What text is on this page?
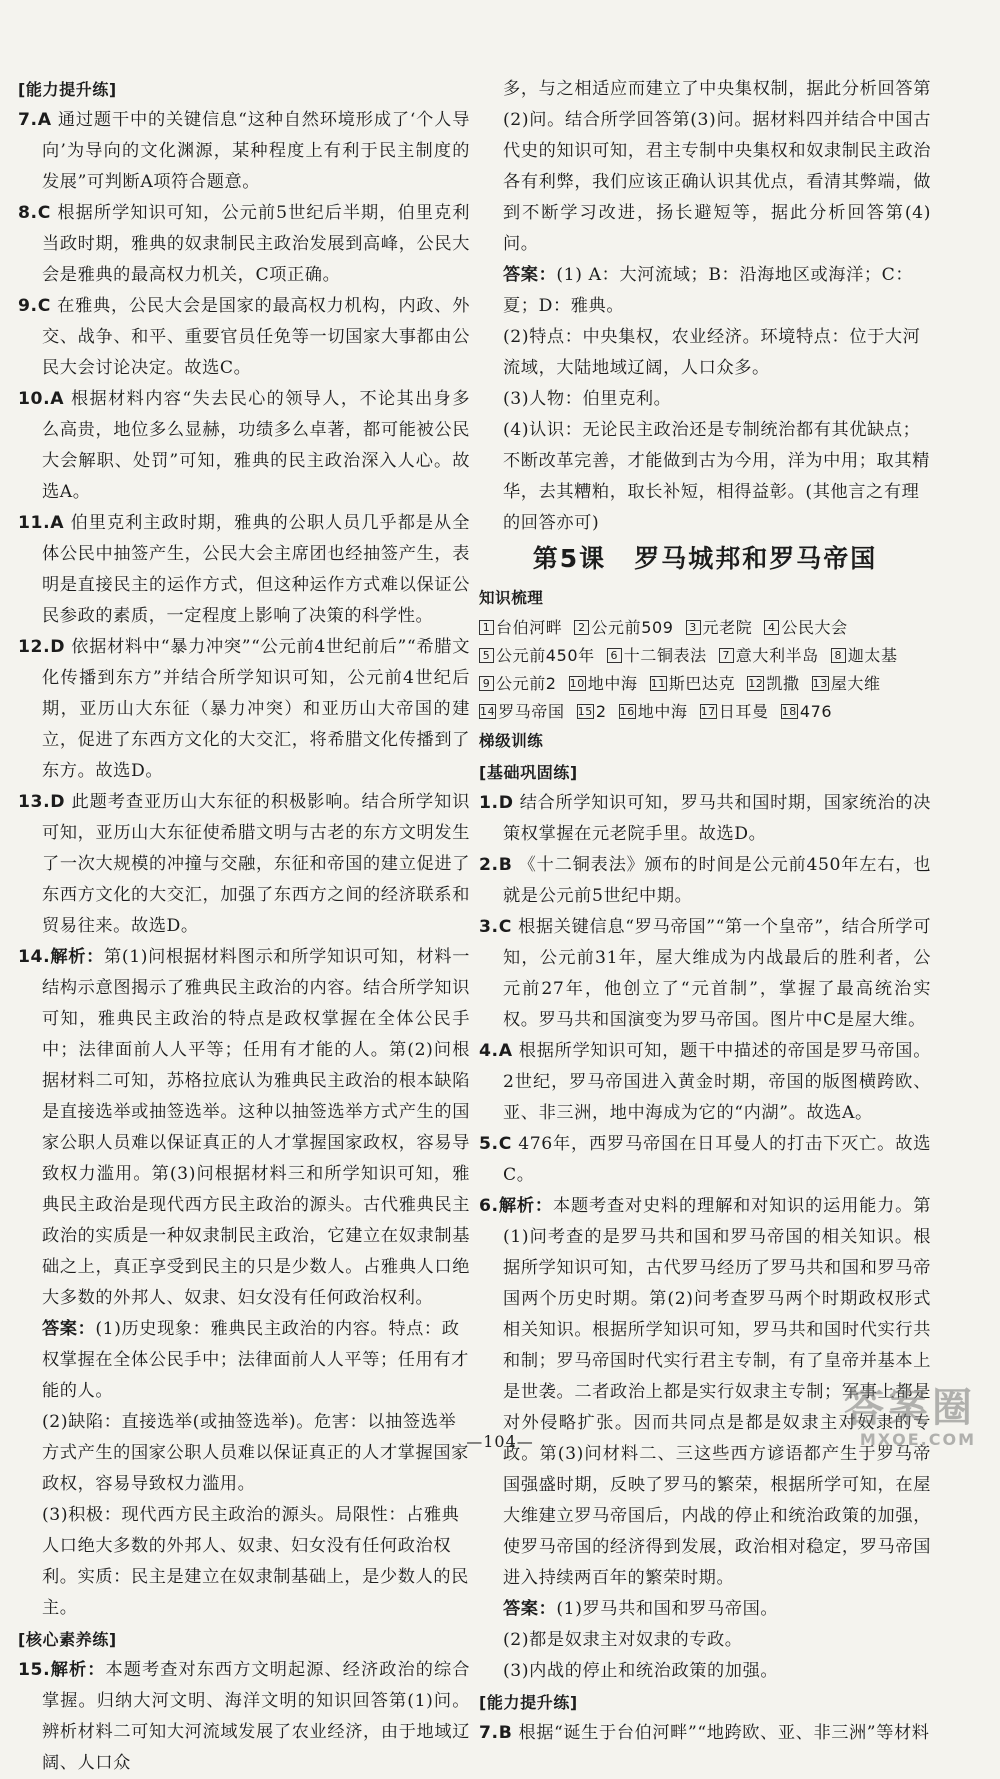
[能力提升练]
7.A 通过题干中的关键信息“这种自然环境形成了‘个人导向’为导向的文化渊源，某种程度上有利于民主制度的发展”可判断A项符合题意。
8.C 根据所学知识可知，公元前5世纪后半期，伯里克利当政时期，雅典的奴隶制民主政治发展到高峰，公民大会是雅典的最高权力机关，C项正确。
9.C 在雅典，公民大会是国家的最高权力机构，内政、外交、战争、和平、重要官员任免等一切国家大事都由公民大会讨论决定。故选C。
10.A 根据材料内容“失去民心的领导人，不论其出身多么高贵，地位多么显赫，功绩多么卓著，都可能被公民大会解职、处罚”可知，雅典的民主政治深入人心。故选A。
11.A 伯里克利主政时期，雅典的公职人员几乎都是从全体公民中抽签产生，公民大会主席团也经抽签产生，表明是直接民主的运作方式，但这种运作方式难以保证公民参政的素质，一定程度上影响了决策的科学性。
12.D 依据材料中“暴力冲突”“公元前4世纪前后”“希腊文化传播到东方”并结合所学知识可知，公元前4世纪后期，亚历山大东征（暴力冲突）和亚历山大帝国的建立，促进了东西方文化的大交汇，将希腊文化传播到了东方。故选D。
13.D 此题考查亚历山大东征的积极影响。结合所学知识可知，亚历山大东征使希腊文明与古老的东方文明发生了一次大规模的冲撞与交融，东征和帝国的建立促进了东西方文化的大交汇，加强了东西方之间的经济联系和贸易往来。故选D。
14.解析：第(1)问根据材料图示和所学知识可知，材料一结构示意图揭示了雅典民主政治的内容。结合所学知识可知，雅典民主政治的特点是政权掌握在全体公民手中；法律面前人人平等；任用有才能的人。第(2)问根据材料二可知，苏格拉底认为雅典民主政治的根本缺陷是直接选举或抽签选举。这种以抽签选举方式产生的国家公职人员难以保证真正的人才掌握国家政权，容易导致权力滥用。第(3)问根据材料三和所学知识可知，雅典民主政治是现代西方民主政治的源头。古代雅典民主政治的实质是一种奴隶制民主政治，它建立在奴隶制基础之上，真正享受到民主的只是少数人。占雅典人口绝大多数的外邦人、奴隶、妇女没有任何政治权利。
答案：(1)历史现象：雅典民主政治的内容。特点：政权掌握在全体公民手中；法律面前人人平等；任用有才能的人。
(2)缺陷：直接选举(或抽签选举)。危害：以抽签选举方式产生的国家公职人员难以保证真正的人才掌握国家政权，容易导致权力滥用。
(3)积极：现代西方民主政治的源头。局限性：占雅典人口绝大多数的外邦人、奴隶、妇女没有任何政治权利。实质：民主是建立在奴隶制基础上，是少数人的民主。
[核心素养练]
15.解析：本题考查对东西方文明起源、经济政治的综合掌握。归纳大河文明、海洋文明的知识回答第(1)问。辨析材料二可知大河流域发展了农业经济，由于地域辽阔、人口众
多，与之相适应而建立了中央集权制，据此分析回答第(2)问。结合所学回答第(3)问。据材料四并结合中国古代史的知识可知，君主专制中央集权和奴隶制民主政治各有利弊，我们应该正确认识其优点，看清其弊端，做到不断学习改进，扬长避短等，据此分析回答第(4)问。
答案：(1) A：大河流域；B：沿海地区或海洋；C：夏；D：雅典。
(2)特点：中央集权，农业经济。环境特点：位于大河流域，大陆地域辽阔，人口众多。
(3)人物：伯里克利。
(4)认识：无论民主政治还是专制统治都有其优缺点；不断改革完善，才能做到古为今用，洋为中用；取其精华，去其糟粕，取长补短，相得益彰。(其他言之有理的回答亦可)
第5课 罗马城邦和罗马帝国
知识梳理
1 台伯河畔	2 公元前509	3 元老院	4 公民大会
5 公元前450年	6 十二铜表法	7 意大利半岛	8 迦太基
9 公元前2 10 地中海 11 斯巴达克 12 凯撒 13 屋大维
14 罗马帝国 15 2 16 地中海 17 日耳曼 18 476
梯级训练
[基础巩固练]
1.D 结合所学知识可知，罗马共和国时期，国家统治的决策权掌握在元老院手里。故选D。
2.B 《十二铜表法》颁布的时间是公元前450年左右，也就是公元前5世纪中期。
3.C 根据关键信息“罗马帝国”“第一个皇帝”，结合所学可知，公元前31年，屋大维成为内战最后的胜利者，公元前27年，他创立了“元首制”，掌握了最高统治实权。罗马共和国演变为罗马帝国。图片中C是屋大维。
4.A 根据所学知识可知，题干中描述的帝国是罗马帝国。2世纪，罗马帝国进入黄金时期，帝国的版图横跨欧、亚、非三洲，地中海成为它的“内湖”。故选A。
5.C 476年，西罗马帝国在日耳曼人的打击下灭亡。故选C。
6.解析：本题考查对史料的理解和对知识的运用能力。第(1)问考查的是罗马共和国和罗马帝国的相关知识。根据所学知识可知，古代罗马经历了罗马共和国和罗马帝国两个历史时期。第(2)问考查罗马两个时期政权形式相关知识。根据所学知识可知，罗马共和国时代实行共和制；罗马帝国时代实行君主专制，有了皇帝并基本上是世袭。二者政治上都是实行奴隶主专制；军事上都是对外侵略扩张。因而共同点是都是奴隶主对奴隶的专政。第(3)问材料二、三这些西方谚语都产生于罗马帝国强盛时期，反映了罗马的繁荣，根据所学可知，在屋大维建立罗马帝国后，内战的停止和统治政策的加强，使罗马帝国的经济得到发展，政治相对稳定，罗马帝国进入持续两百年的繁荣时期。
答案：(1)罗马共和国和罗马帝国。
(2)都是奴隶主对奴隶的专政。
(3)内战的停止和统治政策的加强。
[能力提升练]
7.B 根据“诞生于台伯河畔”“地跨欧、亚、非三洲”等材料
—104—
答案圈
MXQE.COM
